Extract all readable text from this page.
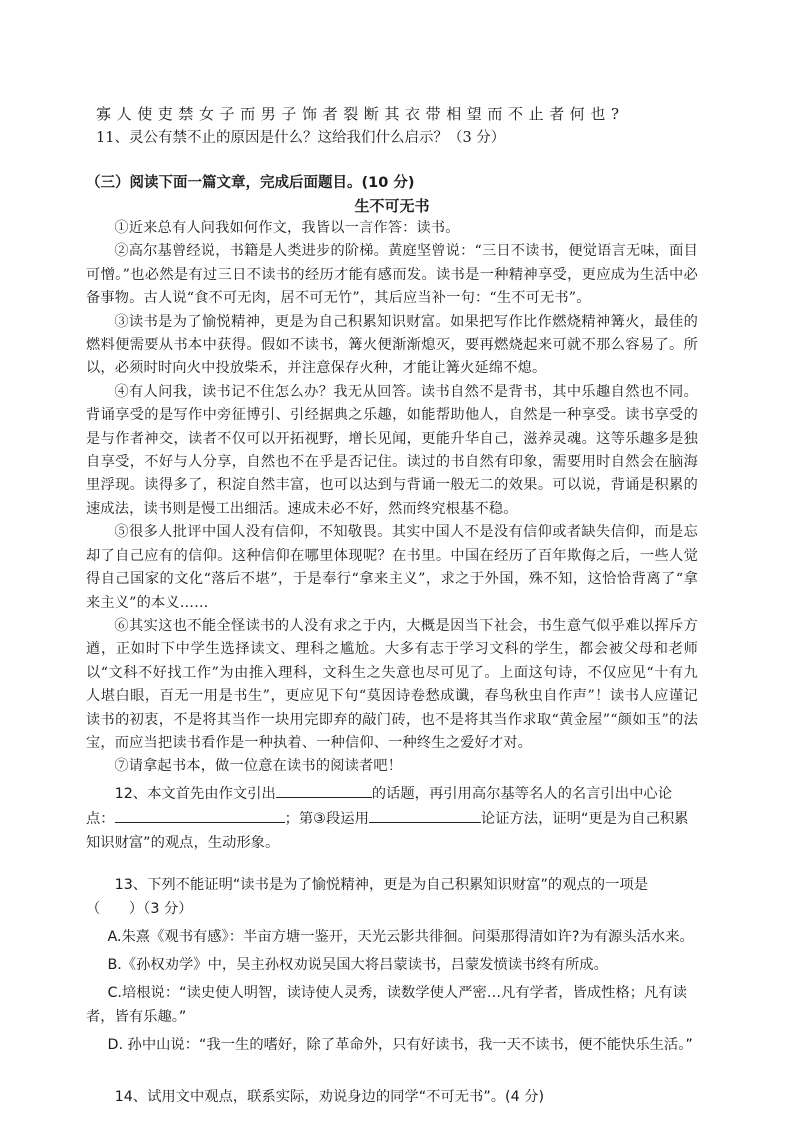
寡人使吏禁女子而男子饰者裂断其衣带相望而不止者何也?
11、灵公有禁不止的原因是什么？这给我们什么启示？（3 分）
（三）阅读下面一篇文章，完成后面题目。(10 分)
生不可无书
①近来总有人问我如何作文，我皆以一言作答：读书。
②高尔基曾经说，书籍是人类进步的阶梯。黄庭坚曾说：“三日不读书，便觉语言无味，面目可憎。”也必然是有过三日不读书的经历才能有感而发。读书是一种精神享受，更应成为生活中必备事物。古人说“食不可无肉，居不可无竹”，其后应当补一句：“生不可无书”。
③读书是为了愉悦精神，更是为自己积累知识财富。如果把写作比作燃烧精神篝火，最佳的燃料便需要从书本中获得。假如不读书，篝火便渐渐熄灭，要再燃烧起来可就不那么容易了。所以，必须时时向火中投放柴禾，并注意保存火种，才能让篝火延绵不熄。
④有人问我，读书记不住怎么办？我无从回答。读书自然不是背书，其中乐趣自然也不同。背诵享受的是写作中旁征博引、引经据典之乐趣，如能帮助他人，自然是一种享受。读书享受的是与作者神交，读者不仅可以开拓视野，增长见闻，更能升华自己，滋养灵魂。这等乐趣多是独自享受，不好与人分享，自然也不在乎是否记住。读过的书自然有印象，需要用时自然会在脑海里浮现。读得多了，积淀自然丰富，也可以达到与背诵一般无二的效果。可以说，背诵是积累的速成法，读书则是慢工出细活。速成未必不好，然而终究根基不稳。
⑤很多人批评中国人没有信仰，不知敬畏。其实中国人不是没有信仰或者缺失信仰，而是忘却了自己应有的信仰。这种信仰在哪里体现呢？在书里。中国在经历了百年欺侮之后，一些人觉得自己国家的文化“落后不堪”，于是奉行“拿来主义”，求之于外国，殊不知，这恰恰背离了“拿来主义”的本义……
⑥其实这也不能全怪读书的人没有求之于内，大概是因当下社会，书生意气似乎难以挥斥方遒，正如时下中学生选择读文、理科之尴尬。大多有志于学习文科的学生，都会被父母和老师以“文科不好找工作”为由推入理科，文科生之失意也尽可见了。上面这句诗，不仅应见“十有九人堪白眼，百无一用是书生”，更应见下句“莫因诗卷愁成谶，春鸟秋虫自作声”！读书人应谨记读书的初衷，不是将其当作一块用完即弃的敲门砖，也不是将其当作求取“黄金屋”“颜如玉”的法宝，而应当把读书看作是一种执着、一种信仰、一种终生之爱好才对。
⑦请拿起书本，做一位意在读书的阅读者吧！
12、本文首先由作文引出	的话题，再引用高尔基等名人的名言引出中心论点：	；第③段运用	论证方法，证明“更是为自己积累知识财富”的观点，生动形象。
13、下列不能证明“读书是为了愉悦精神，更是为自己积累知识财富”的观点的一项是（　　）（3 分）
A.朱熹《观书有感》：半亩方塘一鉴开，天光云影共徘徊。问渠那得清如许?为有源头活水来。
B.《孙权劝学》中，吴主孙权劝说吴国大将吕蒙读书，吕蒙发愤读书终有所成。
C.培根说：“读史使人明智，读诗使人灵秀，读数学使人严密…凡有学者，皆成性格；凡有读者，皆有乐趣。”
D. 孙中山说：“我一生的嗜好，除了革命外，只有好读书，我一天不读书，便不能快乐生活。”
14、试用文中观点，联系实际，劝说身边的同学“不可无书”。(4 分)
